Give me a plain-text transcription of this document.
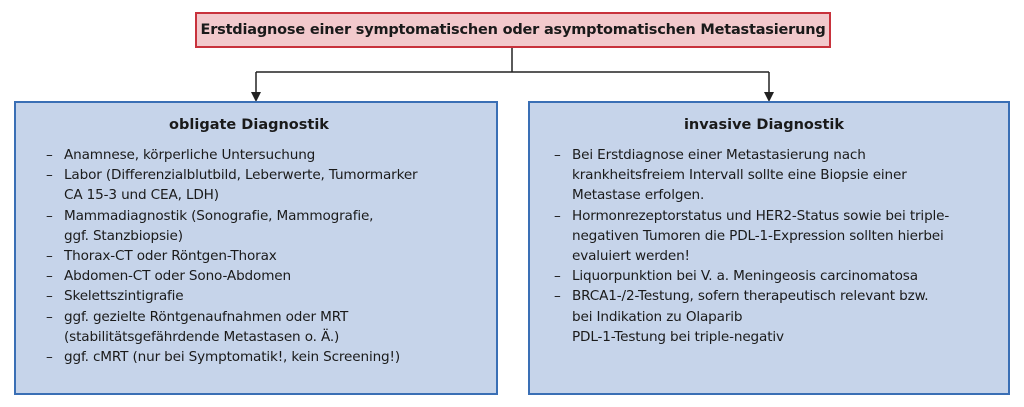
Erstdiagnose einer symptomatischen oder asymptomatischen Metastasierung
obligate Diagnostik
– Anamnese, körperliche Untersuchung
– Labor (Differenzialblutbild, Leberwerte, Tumormarker
CA 15-3 und CEA, LDH)
– Mammadiagnostik (Sonografie, Mammografie,
ggf. Stanzbiopsie)
– Thorax-CT oder Röntgen-Thorax
– Abdomen-CT oder Sono-Abdomen
– Skelettszintigrafie
– ggf. gezielte Röntgenaufnahmen oder MRT
(stabilitätsgefährdende Metastasen o. Ä.)
– ggf. cMRT (nur bei Symptomatik!, kein Screening!)
invasive Diagnostik
– Bei Erstdiagnose einer Metastasierung nach
krankheitsfreiem Intervall sollte eine Biopsie einer
Metastase erfolgen.
– Hormonrezeptorstatus und HER2-Status sowie bei triple-
negativen Tumoren die PDL-1-Expression sollten hierbei
evaluiert werden!
– Liquorpunktion bei V. a. Meningeosis carcinomatosa
– BRCA1-/2-Testung, sofern therapeutisch relevant bzw.
bei Indikation zu Olaparib
PDL-1-Testung bei triple-negativ
